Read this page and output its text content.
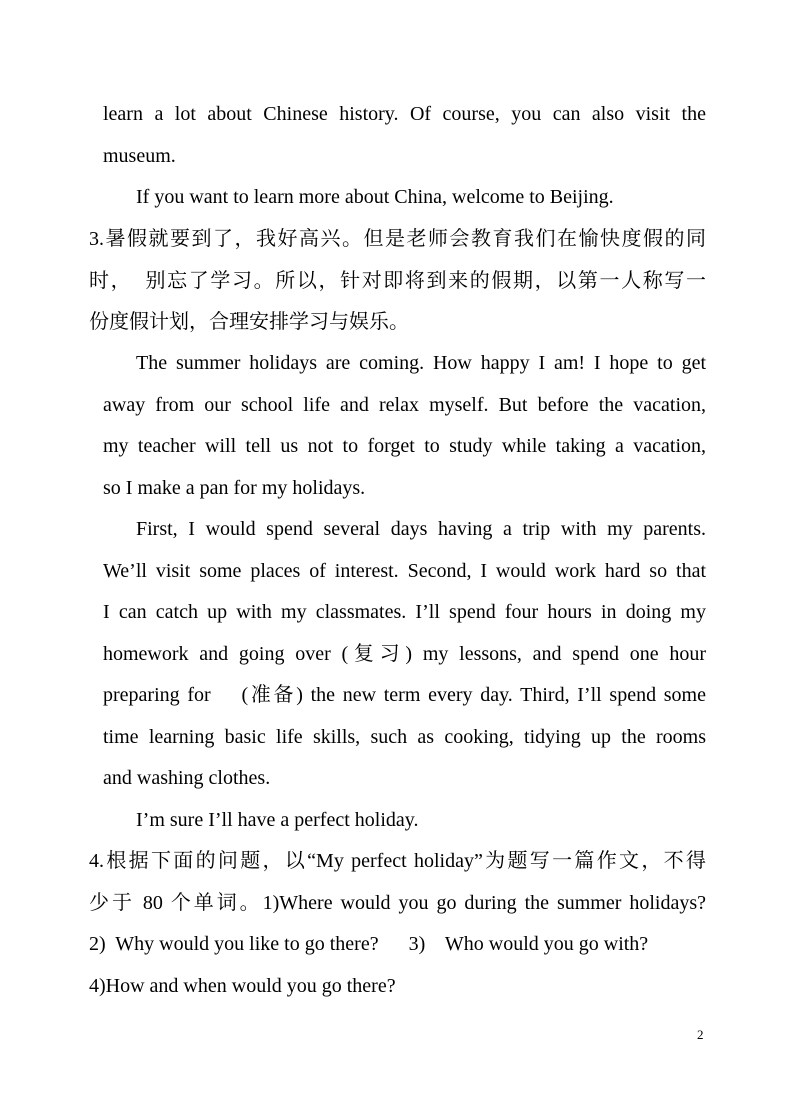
learn a lot about Chinese history. Of course, you can also visit the
museum.
If you want to learn more about China, welcome to Beijing.
3.暑假就要到了，我好高兴。但是老师会教育我们在愉快度假的同
时，  别忘了学习。所以，针对即将到来的假期，以第一人称写一
份度假计划，合理安排学习与娱乐。
The summer holidays are coming. How happy I am! I hope to get
away from our school life and relax myself. But before the vacation,
my teacher will tell us not to forget to study while taking a vacation,
so I make a pan for my holidays.
First, I would spend several days having a trip with my parents.
We’ll visit some places of interest. Second, I would work hard so that
I can catch up with my classmates. I’ll spend four hours in doing my
homework and going over (复习) my lessons, and spend one hour
preparing for    (准备) the new term every day. Third, I’ll spend some
time learning basic life skills, such as cooking, tidying up the rooms
and washing clothes.
I’m sure I’ll have a perfect holiday.
4.根据下面的问题，以“My perfect holiday”为题写一篇作文，不得
少于 80 个单词。1)Where would you go during the summer holidays?
2)  Why would you like to go there?      3)    Who would you go with?
4)How and when would you go there?
2
